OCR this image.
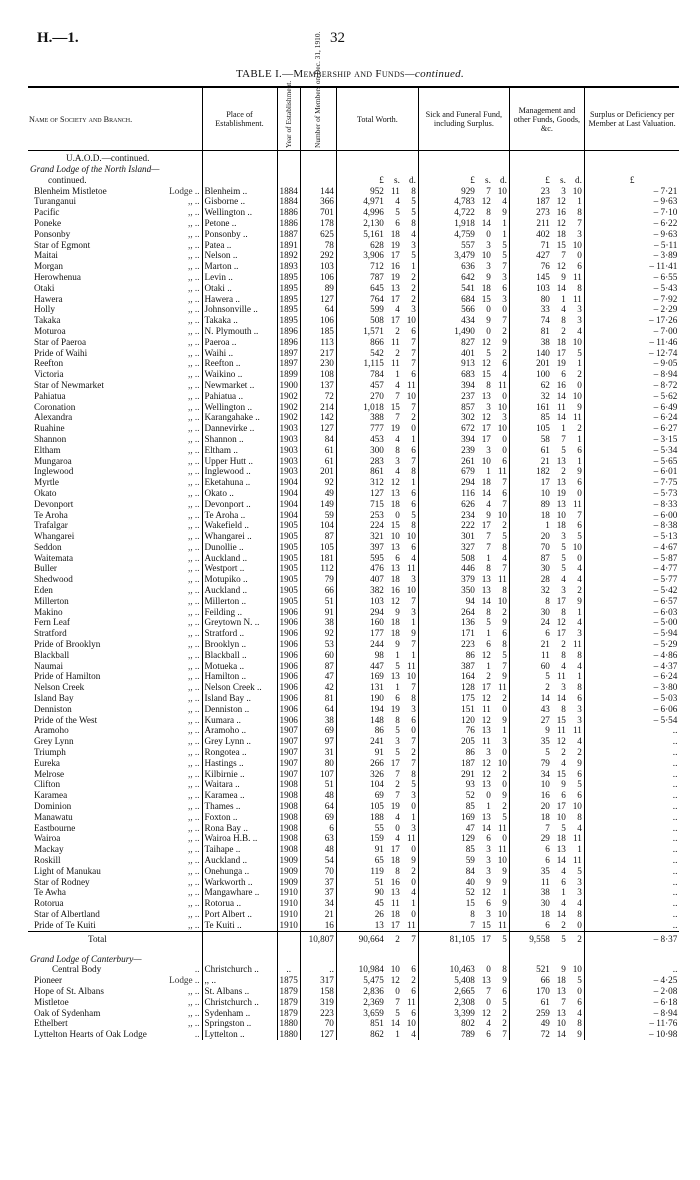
H.—1.	32
TABLE I.—Membership and Funds—continued.

Name of Society and Branch.	Place of Establishment.	Year of Establishment.	Number of Members on Dec. 31, 1910.	Total Worth.	Sick and Funeral Fund, including Surplus.	Management and other Funds, Goods, &c.	Surplus or Deficiency per Member at Last Valuation.
U.A.O.D.—continued.							
Grand Lodge of the North Island—							
continued.				£ s. d.	£ s. d.	£ s. d.	£

Blenheim Mistletoe	Lodge .. Blenheim ..	1884	144	952 11 8	929 7 10	23 3 10	– 7·21

Turanganui	,, .. Gisborne ..	1884	366	4,971 4 5	4,783 12 4	187 12 1	– 9·63

Pacific	,, .. Wellington ..	1886	701	4,996 5 5	4,722 8 9	273 16 8	– 7·10

Poneke	,, .. Petone ..	1886	178	2,130 6 8	1,918 14 1	211 12 7	– 6·22

Ponsonby	,, .. Ponsonby ..	1887	625	5,161 18 4	4,759 0 1	402 18 3	– 9·63

Star of Egmont	,, .. Patea ..	1891	78	628 19 3	557 3 5	71 15 10	– 5·11

Maitai	,, .. Nelson ..	1892	292	3,906 17 5	3,479 10 5	427 7 0	– 3·89

Morgan	,, .. Marton ..	1893	103	712 16 1	636 3 7	76 12 6	– 11·41

Herowhenua	,, .. Levin ..	1895	106	787 19 2	642 9 3	145 9 11	– 6·55

Otaki	,, .. Otaki ..	1895	89	645 13 2	541 18 6	103 14 8	– 5·43

Hawera	,, .. Hawera ..	1895	127	764 17 2	684 15 3	80 1 11	– 7·92

Holly	,, .. Johnsonville ..	1895	64	599 4 3	566 0 0	33 4 3	– 2·29

Takaka	,, .. Takaka ..	1895	106	508 17 10	434 9 7	74 8 3	– 17·26

Moturoa	,, .. N. Plymouth ..	1896	185	1,571 2 6	1,490 0 2	81 2 4	– 7·00

Star of Paeroa	,, .. Paeroa ..	1896	113	866 11 7	827 12 9	38 18 10	– 11·46

Pride of Waihi	,, .. Waihi ..	1897	217	542 2 7	401 5 2	140 17 5	– 12·74

Reefton	,, .. Reefton ..	1897	230	1,115 11 7	913 12 6	201 19 1	– 9·05

Victoria	,, .. Waikino ..	1899	108	784 1 6	683 15 4	100 6 2	– 8·94

Star of Newmarket	,, .. Newmarket ..	1900	137	457 4 11	394 8 11	62 16 0	– 8·72

Pahiatua	,, .. Pahiatua ..	1902	72	270 7 10	237 13 0	32 14 10	– 5·62

Coronation	,, .. Wellington ..	1902	214	1,018 15 7	857 3 10	161 11 9	– 6·49

Alexandra	,, .. Karangahake ..	1902	142	388 7 2	302 12 3	85 14 11	– 6·24

Ruahine	,, .. Dannevirke ..	1903	127	777 19 0	672 17 10	105 1 2	– 6·27

Shannon	,, .. Shannon ..	1903	84	453 4 1	394 17 0	58 7 1	– 3·15

Eltham	,, .. Eltham ..	1903	61	300 8 6	239 3 0	61 5 6	– 5·34

Mungaroa	,, .. Upper Hutt ..	1903	61	283 3 7	261 10 6	21 13 1	– 5·65

Inglewood	,, .. Inglewood ..	1903	201	861 4 8	679 1 11	182 2 9	– 6·01

Myrtle	,, .. Eketahuna ..	1904	92	312 12 1	294 18 7	17 13 6	– 7·75

Okato	,, .. Okato ..	1904	49	127 13 6	116 14 6	10 19 0	– 5·73

Devonport	,, .. Devonport ..	1904	149	715 18 6	626 4 7	89 13 11	– 8·33

Te Aroha	,, .. Te Aroha ..	1904	59	253 0 5	234 9 10	18 10 7	– 6·00

Trafalgar	,, .. Wakefield ..	1905	104	224 15 8	222 17 2	1 18 6	– 8·38

Whangarei	,, .. Whangarei ..	1905	87	321 10 10	301 7 5	20 3 5	– 5·13

Seddon	,, .. Dunollie ..	1905	105	397 13 6	327 7 8	70 5 10	– 4·67

Waitemata	,, .. Auckland ..	1905	181	595 6 4	508 1 4	87 5 0	– 5·87

Buller	,, .. Westport ..	1905	112	476 13 11	446 8 7	30 5 4	– 4·77

Shedwood	,, .. Motupiko ..	1905	79	407 18 3	379 13 11	28 4 4	– 5·77

Eden	,, .. Auckland ..	1905	66	382 16 10	350 13 8	32 3 2	– 5·42

Millerton	,, .. Millerton ..	1905	51	103 12 7	94 14 10	8 17 9	– 6·57

Makino	,, .. Feilding ..	1906	91	294 9 3	264 8 2	30 8 1	– 6·03

Fern Leaf	,, .. Greytown N. ..	1906	38	160 18 1	136 5 9	24 12 4	– 5·00

Stratford	,, .. Stratford ..	1906	92	177 18 9	171 1 6	6 17 3	– 5·94

Pride of Brooklyn	,, .. Brooklyn ..	1906	53	244 9 7	223 6 8	21 2 11	– 5·29

Blackball	,, .. Blackball ..	1906	60	98 1 1	86 12 5	11 8 8	– 4·86

Naumai	,, .. Motueka ..	1906	87	447 5 11	387 1 7	60 4 4	– 4·37

Pride of Hamilton	,, .. Hamilton ..	1906	47	169 13 10	164 2 9	5 11 1	– 6·24

Nelson Creek	,, .. Nelson Creek ..	1906	42	131 1 7	128 17 11	2 3 8	– 3·80

Island Bay	,, .. Island Bay ..	1906	81	190 6 8	175 12 2	14 14 6	– 5·03

Denniston	,, .. Denniston ..	1906	64	194 19 3	151 11 0	43 8 3	– 6·06

Pride of the West	,, .. Kumara ..	1906	38	148 8 6	120 12 9	27 15 3	– 5·54

Aramoho	,, .. Aramoho ..	1907	69	86 5 0	76 13 1	9 11 11	..

Grey Lynn	,, .. Grey Lynn ..	1907	97	241 3 7	205 11 3	35 12 4	..

Triumph	,, .. Rongotea ..	1907	31	91 5 2	86 3 0	5 2 2	..

Eureka	,, .. Hastings ..	1907	80	266 17 7	187 12 10	79 4 9	..

Melrose	,, .. Kilbirnie ..	1907	107	326 7 8	291 12 2	34 15 6	..

Clifton	,, .. Waitara ..	1908	51	104 2 5	93 13 0	10 9 5	..

Karamea	,, .. Karamea ..	1908	48	69 7 3	52 0 9	16 6 6	..

Dominion	,, .. Thames ..	1908	64	105 19 0	85 1 2	20 17 10	..

Manawatu	,, .. Foxton ..	1908	69	188 4 1	169 13 5	18 10 8	..

Eastbourne	,, .. Rona Bay ..	1908	6	55 0 3	47 14 11	7 5 4	..

Wairoa	,, .. Wairoa H.B. ..	1908	63	159 4 11	129 6 0	29 18 11	..

Mackay	,, .. Taihape ..	1908	48	91 17 0	85 3 11	6 13 1	..

Roskill	,, .. Auckland ..	1909	54	65 18 9	59 3 10	6 14 11	..

Light of Manukau	,, .. Onehunga ..	1909	70	119 8 2	84 3 9	35 4 5	..

Star of Rodney	,, .. Warkworth ..	1909	37	51 16 0	40 9 9	11 6 3	..

Te Awha	,, .. Mangawhare ..	1910	37	90 13 4	52 12 1	38 1 3	..

Rotorua	,, .. Rotorua ..	1910	34	45 11 1	15 6 9	30 4 4	..

Star of Albertland	,, .. Port Albert ..	1910	21	26 18 0	8 3 10	18 14 8	..

Pride of Te Kuiti	,, .. Te Kuiti ..	1910	16	13 17 11	7 15 11	6 2 0	..
Total			10,807	90,664 2 7	81,105 17 5	9,558 5 2	– 8·37
Grand Lodge of Canterbury—							

Central Body	.. Christchurch ..	..	..	10,984 10 6	10,463 0 8	521 9 10	..

Pioneer	Lodge .. ,, ..	1875	317	5,475 12 2	5,408 13 9	66 18 5	– 4·25

Hope of St. Albans	,, .. St. Albans ..	1879	158	2,836 0 6	2,665 7 6	170 13 0	– 2·08

Mistletoe	,, .. Christchurch ..	1879	319	2,369 7 11	2,308 0 5	61 7 6	– 6·18

Oak of Sydenham	,, .. Sydenham ..	1879	223	3,659 5 6	3,399 12 2	259 13 4	– 8·94

Ethelbert	,, .. Springston ..	1880	70	851 14 10	802 4 2	49 10 8	– 11·76

Lyttelton Hearts of Oak Lodge	.. Lyttelton ..	1880	127	862 1 4	789 6 7	72 14 9	– 10·98
